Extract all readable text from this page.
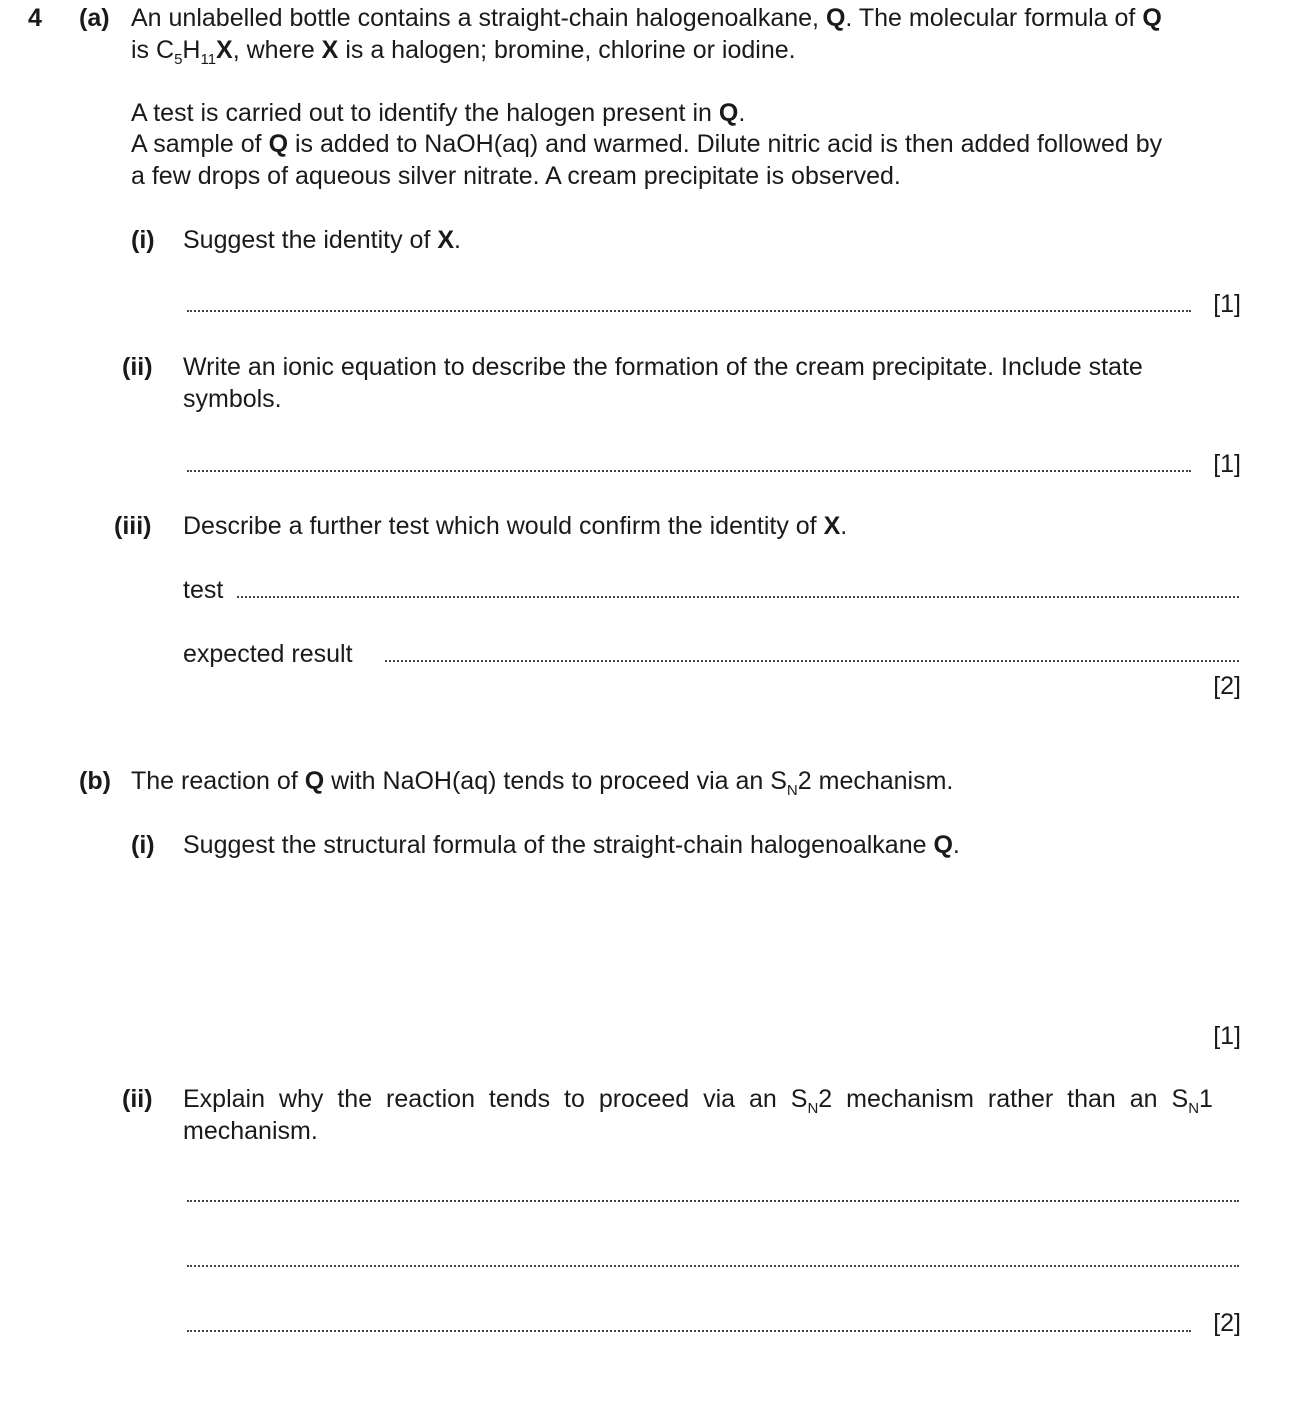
4 (a) An unlabelled bottle contains a straight-chain halogenoalkane, Q. The molecular formula of Q
is $C_5H_{11}X$, where X is a halogen; bromine, chlorine or iodine.
A test is carried out to identify the halogen present in Q.
A sample of Q is added to NaOH(aq) and warmed. Dilute nitric acid is then added followed by
a few drops of aqueous silver nitrate. A cream precipitate is observed.
(i) Suggest the identity of X.
[1]
(ii) Write an ionic equation to describe the formation of the cream precipitate. Include state
symbols.
[1]
(iii) Describe a further test which would confirm the identity of X.
test
expected result
[2]
(b) The reaction of Q with NaOH(aq) tends to proceed via an $S_N2$ mechanism.
(i) Suggest the structural formula of the straight-chain halogenoalkane Q.
[1]
(ii) Explain why the reaction tends to proceed via an $S_N2$ mechanism rather than an $S_N1$
mechanism.
[2]
